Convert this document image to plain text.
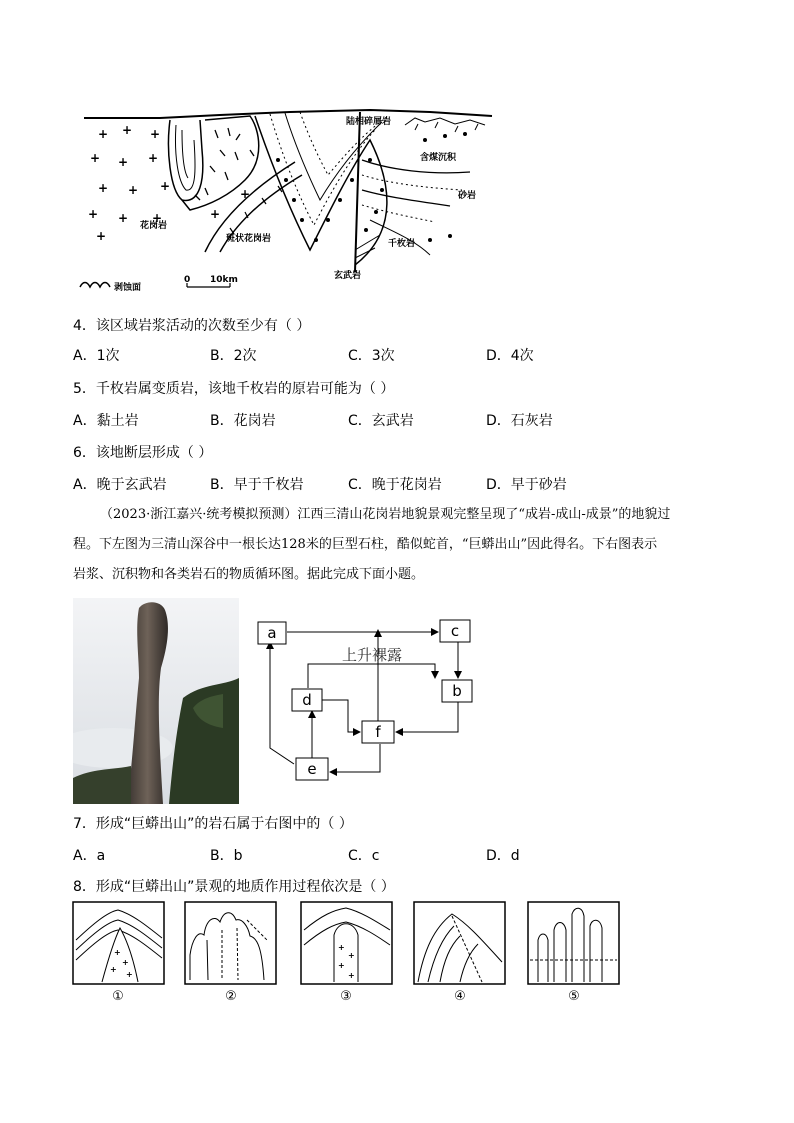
+ + +
+ + +
+ + +
+ + +
+
+
+
陆相碎屑岩
含煤沉积
砂岩
花岗岩
斑状花岗岩	千枚岩
玄武岩
剥蚀面
0 10km
4．该区域岩浆活动的次数至少有（ ）
A．1次	B．2次	C．3次	D．4次
5．千枚岩属变质岩，该地千枚岩的原岩可能为（ ）
A．黏土岩	B．花岗岩	C．玄武岩	D．石灰岩
6．该地断层形成（ ）
A．晚于玄武岩	B．早于千枚岩	C．晚于花岗岩	D．早于砂岩
（2023·浙江嘉兴·统考模拟预测）江西三清山花岗岩地貌景观完整呈现了“成岩-成山-成景”的地貌过
程。下左图为三清山深谷中一根长达128米的巨型石柱，酷似蛇首，“巨蟒出山”因此得名。下右图表示
岩浆、沉积物和各类岩石的物质循环图。据此完成下面小题。
a	c
b
d
f
e
上升裸露
7．形成“巨蟒出山”的岩石属于右图中的（ ）
A．a	B．b	C．c	D．d
8．形成“巨蟒出山”景观的地质作用过程依次是（ ）
+
+
+
+
+
+
+
+
①	②	③	④	⑤
